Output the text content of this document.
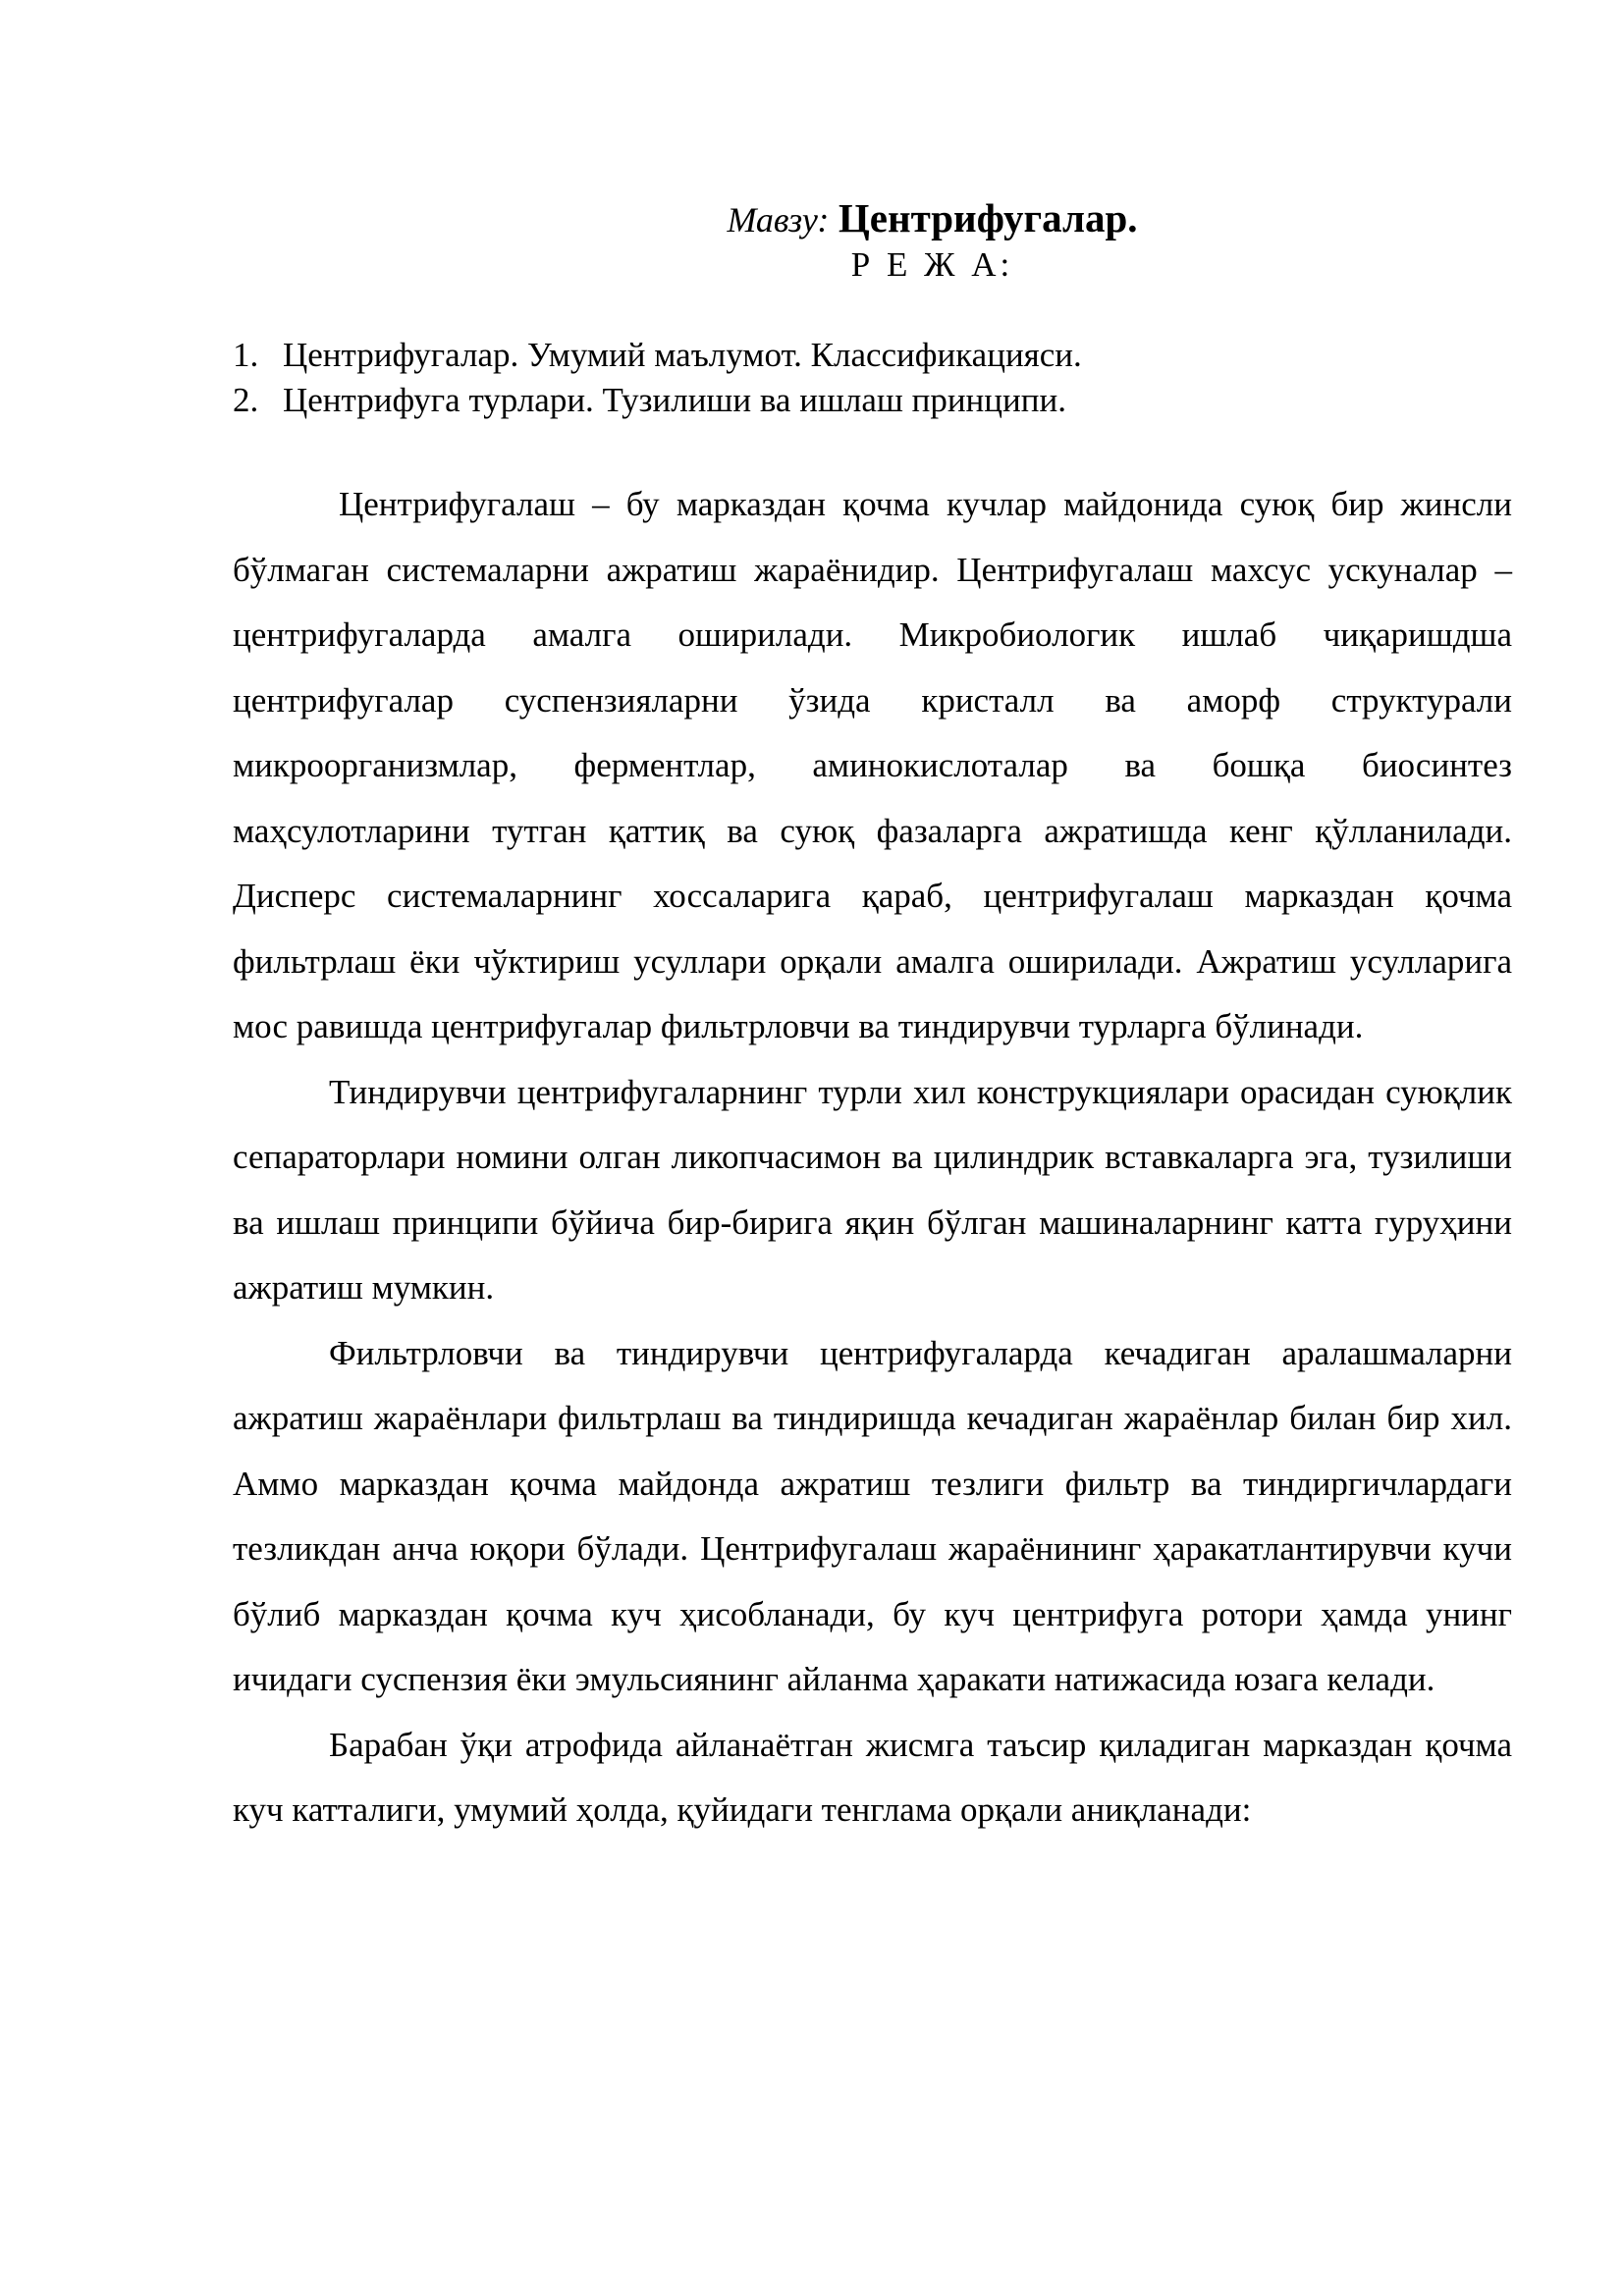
Мавзу: Центрифугалар.
Р Е Ж А:
1. Центрифугалар. Умумий маълумот. Классификацияси.
2. Центрифуга турлари. Тузилиши ва ишлаш принципи.

Центрифугалаш – бу марказдан қочма кучлар майдонида суюқ бир жинсли бўлмаган системаларни ажратиш жараёнидир. Центрифугалаш махсус ускуналар – центрифугаларда амалга оширилади. Микробиологик ишлаб чиқаришдша центрифугалар суспензияларни ўзида кристалл ва аморф структурали микроорганизмлар, ферментлар, аминокислоталар ва бошқа биосинтез маҳсулотларини тутган қаттиқ ва суюқ фазаларга ажратишда кенг қўлланилади. Дисперс системаларнинг хоссаларига қараб, центрифугалаш марказдан қочма фильтрлаш ёки чўктириш усуллари орқали амалга оширилади. Ажратиш усулларига мос равишда центрифугалар фильтрловчи ва тиндирувчи турларга бўлинади.

Тиндирувчи центрифугаларнинг турли хил конструкциялари орасидан суюқлик сепараторлари номини олган ликопчасимон ва цилиндрик вставкаларга эга, тузилиши ва ишлаш принципи бўйича бир-бирига яқин бўлган машиналарнинг катта гуруҳини ажратиш мумкин.

Фильтрловчи ва тиндирувчи центрифугаларда кечадиган аралашмаларни ажратиш жараёнлари фильтрлаш ва тиндиришда кечадиган жараёнлар билан бир хил. Аммо марказдан қочма майдонда ажратиш тезлиги фильтр ва тиндиргичлардаги тезликдан анча юқори бўлади. Центрифугалаш жараёнининг ҳаракатлантирувчи кучи бўлиб марказдан қочма куч ҳисобланади, бу куч центрифуга ротори ҳамда унинг ичидаги суспензия ёки эмульсиянинг айланма ҳаракати натижасида юзага келади.

Барабан ўқи атрофида айланаётган жисмга таъсир қиладиган марказдан қочма куч катталиги, умумий ҳолда, қуйидаги тенглама орқали аниқланади:
